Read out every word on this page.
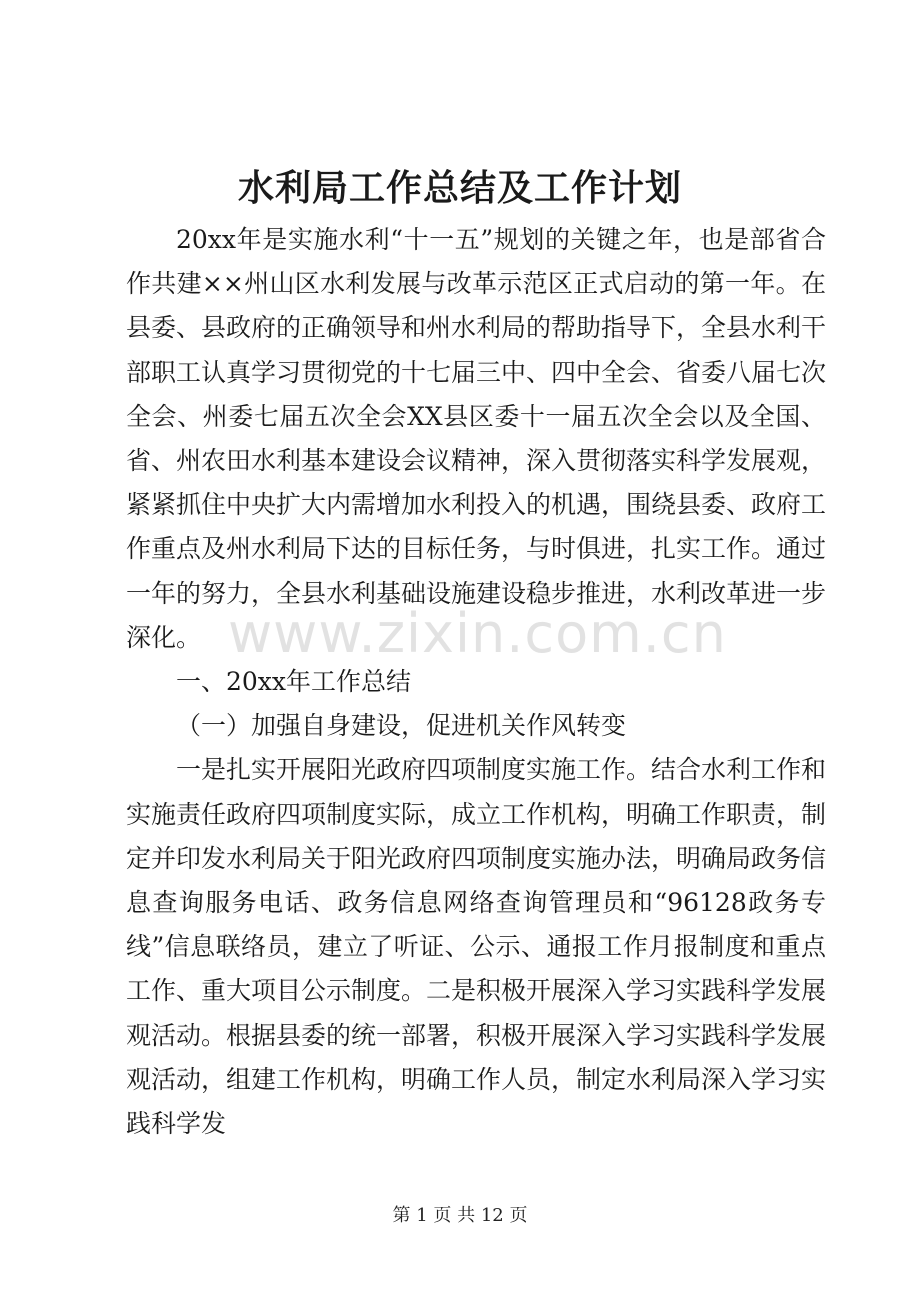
水利局工作总结及工作计划

20xx年是实施水利“十一五”规划的关键之年，也是部省合作共建××州山区水利发展与改革示范区正式启动的第一年。在县委、县政府的正确领导和州水利局的帮助指导下，全县水利干部职工认真学习贯彻党的十七届三中、四中全会、省委八届七次全会、州委七届五次全会XX县区委十一届五次全会以及全国、省、州农田水利基本建设会议精神，深入贯彻落实科学发展观，紧紧抓住中央扩大内需增加水利投入的机遇，围绕县委、政府工作重点及州水利局下达的目标任务，与时俱进，扎实工作。通过一年的努力，全县水利基础设施建设稳步推进，水利改革进一步深化。

一、20xx年工作总结

（一）加强自身建设，促进机关作风转变

一是扎实开展阳光政府四项制度实施工作。结合水利工作和实施责任政府四项制度实际，成立工作机构，明确工作职责，制定并印发水利局关于阳光政府四项制度实施办法，明确局政务信息查询服务电话、政务信息网络查询管理员和“96128政务专线”信息联络员，建立了听证、公示、通报工作月报制度和重点工作、重大项目公示制度。二是积极开展深入学习实践科学发展观活动。根据县委的统一部署，积极开展深入学习实践科学发展观活动，组建工作机构，明确工作人员，制定水利局深入学习实践科学发

www.zixin.com.cn
第 1 页 共 12 页
